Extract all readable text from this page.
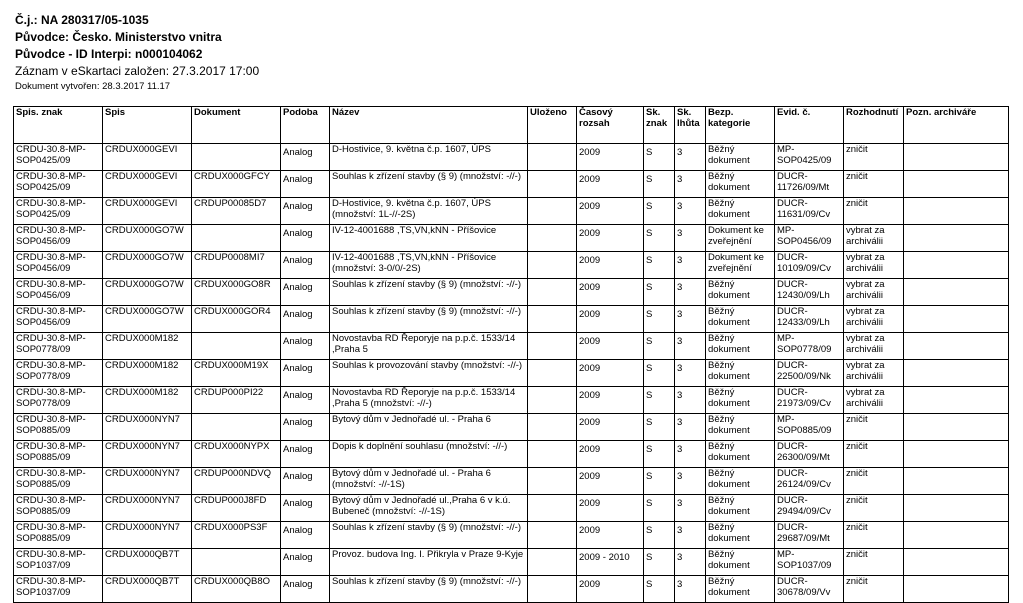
Č.j.: NA 280317/05-1035
Původce: Česko. Ministerstvo vnitra
Původce - ID Interpi: n000104062
Záznam v eSkartaci založen: 27.3.2017 17:00
Dokument vytvořen: 28.3.2017 11.17
Spis. znak	Spis	Dokument	Podoba	Název	Uloženo	Časový rozsah	Sk. znak	Sk. lhůta	Bezp. kategorie	Evid. č.	Rozhodnutí	Pozn. archiváře
CRDU-30.8-MP-SOP0425/09	CRDUX000GEVI		Analog	D-Hostivice, 9. května č.p. 1607, ÚPS		2009	S	3	Běžný dokument	MP-SOP0425/09	zničit	
CRDU-30.8-MP-SOP0425/09	CRDUX000GEVI	CRDUX000GFCY	Analog	Souhlas k zřízení stavby (§ 9) (množství: -//-)		2009	S	3	Běžný dokument	DUCR-11726/09/Mt	zničit	
CRDU-30.8-MP-SOP0425/09	CRDUX000GEVI	CRDUP00085D7	Analog	D-Hostivice, 9. května č.p. 1607, ÚPS (množství: 1L-//-2S)		2009	S	3	Běžný dokument	DUCR-11631/09/Cv	zničit	
CRDU-30.8-MP-SOP0456/09	CRDUX000GO7W		Analog	IV-12-4001688 ,TS,VN,kNN - Příšovice		2009	S	3	Dokument ke zveřejnění	MP-SOP0456/09	vybrat za archiválii	
CRDU-30.8-MP-SOP0456/09	CRDUX000GO7W	CRDUP0008MI7	Analog	IV-12-4001688 ,TS,VN,kNN - Příšovice (množství: 3-0/0/-2S)		2009	S	3	Dokument ke zveřejnění	DUCR-10109/09/Cv	vybrat za archiválii	
CRDU-30.8-MP-SOP0456/09	CRDUX000GO7W	CRDUX000GO8R	Analog	Souhlas k zřízení stavby (§ 9) (množství: -//-)		2009	S	3	Běžný dokument	DUCR-12430/09/Lh	vybrat za archiválii	
CRDU-30.8-MP-SOP0456/09	CRDUX000GO7W	CRDUX000GOR4	Analog	Souhlas k zřízení stavby (§ 9) (množství: -//-)		2009	S	3	Běžný dokument	DUCR-12433/09/Lh	vybrat za archiválii	
CRDU-30.8-MP-SOP0778/09	CRDUX000M182		Analog	Novostavba RD Řeporyje na p.p.č. 1533/14 ,Praha 5		2009	S	3	Běžný dokument	MP-SOP0778/09	vybrat za archiválii	
CRDU-30.8-MP-SOP0778/09	CRDUX000M182	CRDUX000M19X	Analog	Souhlas k provozování stavby (množství: -//-)		2009	S	3	Běžný dokument	DUCR-22500/09/Nk	vybrat za archiválii	
CRDU-30.8-MP-SOP0778/09	CRDUX000M182	CRDUP000PI22	Analog	Novostavba RD Řeporyje na p.p.č. 1533/14 ,Praha 5 (množství: -//-)		2009	S	3	Běžný dokument	DUCR-21973/09/Cv	vybrat za archiválii	
CRDU-30.8-MP-SOP0885/09	CRDUX000NYN7		Analog	Bytový dům v Jednořadé ul. - Praha 6		2009	S	3	Běžný dokument	MP-SOP0885/09	zničit	
CRDU-30.8-MP-SOP0885/09	CRDUX000NYN7	CRDUX000NYPX	Analog	Dopis k doplnění souhlasu (množství: -//-)		2009	S	3	Běžný dokument	DUCR-26300/09/Mt	zničit	
CRDU-30.8-MP-SOP0885/09	CRDUX000NYN7	CRDUP000NDVQ	Analog	Bytový dům v Jednořadé ul. - Praha 6 (množství: -//-1S)		2009	S	3	Běžný dokument	DUCR-26124/09/Cv	zničit	
CRDU-30.8-MP-SOP0885/09	CRDUX000NYN7	CRDUP000J8FD	Analog	Bytový dům v Jednořadé ul.,Praha 6 v k.ú. Bubeneč (množství: -//-1S)		2009	S	3	Běžný dokument	DUCR-29494/09/Cv	zničit	
CRDU-30.8-MP-SOP0885/09	CRDUX000NYN7	CRDUX000PS3F	Analog	Souhlas k zřízení stavby (§ 9) (množství: -//-)		2009	S	3	Běžný dokument	DUCR-29687/09/Mt	zničit	
CRDU-30.8-MP-SOP1037/09	CRDUX000QB7T		Analog	Provoz. budova Ing. I. Přikryla v Praze 9-Kyje		2009 - 2010	S	3	Běžný dokument	MP-SOP1037/09	zničit	
CRDU-30.8-MP-SOP1037/09	CRDUX000QB7T	CRDUX000QB8O	Analog	Souhlas k zřízení stavby (§ 9) (množství: -//-)		2009	S	3	Běžný dokument	DUCR-30678/09/Vv	zničit	
